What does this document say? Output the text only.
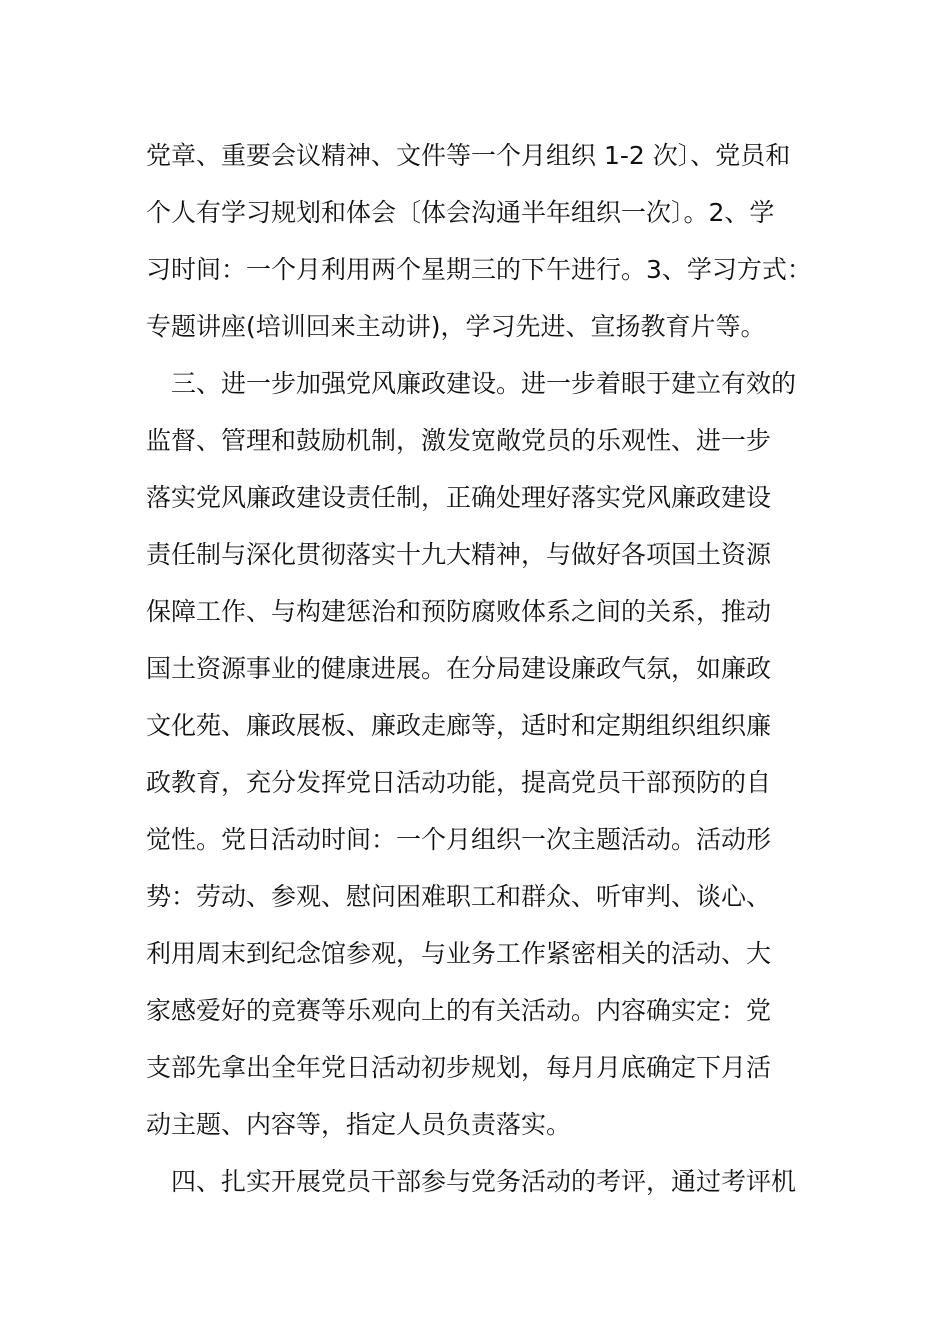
党章、重要会议精神、文件等一个月组织 1-2 次〕、党员和
个人有学习规划和体会〔体会沟通半年组织一次〕。2、学
习时间：一个月利用两个星期三的下午进行。3、学习方式：
专题讲座(培训回来主动讲)，学习先进、宣扬教育片等。
三、进一步加强党风廉政建设。进一步着眼于建立有效的
监督、管理和鼓励机制，激发宽敞党员的乐观性、进一步
落实党风廉政建设责任制，正确处理好落实党风廉政建设
责任制与深化贯彻落实十九大精神，与做好各项国土资源
保障工作、与构建惩治和预防腐败体系之间的关系，推动
国土资源事业的健康进展。在分局建设廉政气氛，如廉政
文化苑、廉政展板、廉政走廊等，适时和定期组织组织廉
政教育，充分发挥党日活动功能，提高党员干部预防的自
觉性。党日活动时间：一个月组织一次主题活动。活动形
势：劳动、参观、慰问困难职工和群众、听审判、谈心、
利用周末到纪念馆参观，与业务工作紧密相关的活动、大
家感爱好的竞赛等乐观向上的有关活动。内容确实定：党
支部先拿出全年党日活动初步规划，每月月底确定下月活
动主题、内容等，指定人员负责落实。
四、扎实开展党员干部参与党务活动的考评，通过考评机
